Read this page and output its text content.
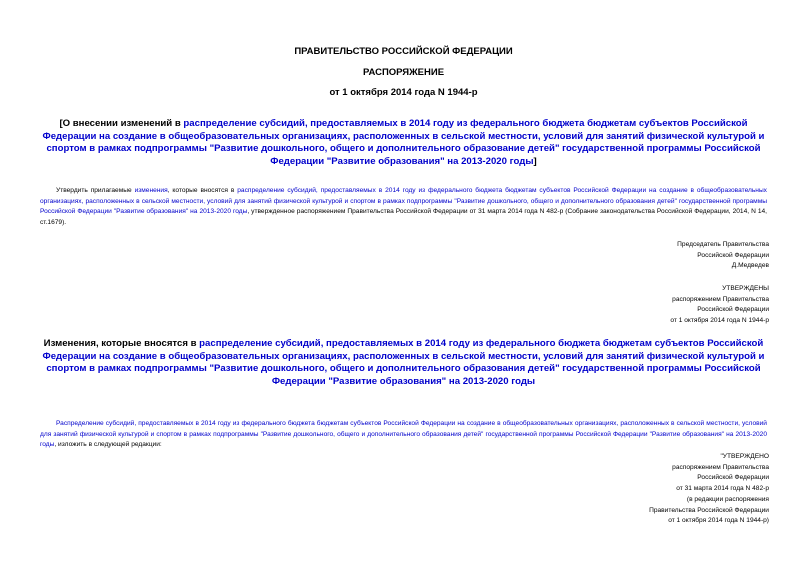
ПРАВИТЕЛЬСТВО РОССИЙСКОЙ ФЕДЕРАЦИИ
РАСПОРЯЖЕНИЕ
от 1 октября 2014 года N 1944-р
[О внесении изменений в распределение субсидий, предоставляемых в 2014 году из федерального бюджета бюджетам субъектов Российской Федерации на создание в общеобразовательных организациях, расположенных в сельской местности, условий для занятий физической культурой и спортом в рамках подпрограммы "Развитие дошкольного, общего и дополнительного образование детей" государственной программы Российской Федерации "Развитие образования" на 2013-2020 годы]
Утвердить прилагаемые изменения, которые вносятся в распределение субсидий, предоставляемых в 2014 году из федерального бюджета бюджетам субъектов Российской Федерации на создание в общеобразовательных организациях, расположенных в сельской местности, условий для занятий физической культурой и спортом в рамках подпрограммы "Развитие дошкольного, общего и дополнительного образования детей" государственной программы Российской Федерации "Развитие образования" на 2013-2020 годы, утвержденное распоряжением Правительства Российской Федерации от 31 марта 2014 года N 482-р (Собрание законодательства Российской Федерации, 2014, N 14, ст.1679).
Председатель Правительства
Российской Федерации
Д.Медведев
УТВЕРЖДЕНЫ
распоряжением Правительства
Российской Федерации
от 1 октября 2014 года N 1944-р
Изменения, которые вносятся в распределение субсидий, предоставляемых в 2014 году из федерального бюджета бюджетам субъектов Российской Федерации на создание в общеобразовательных организациях, расположенных в сельской местности, условий для занятий физической культурой и спортом в рамках подпрограммы "Развитие дошкольного, общего и дополнительного образования детей" государственной программы Российской Федерации "Развитие образования" на 2013-2020 годы
Распределение субсидий, предоставляемых в 2014 году из федерального бюджета бюджетам субъектов Российской Федерации на создание в общеобразовательных организациях, расположенных в сельской местности, условий для занятий физической культурой и спортом в рамках подпрограммы "Развитие дошкольного, общего и дополнительного образования детей" государственной программы Российской Федерации "Развитие образования" на 2013-2020 годы, изложить в следующей редакции:
"УТВЕРЖДЕНО
распоряжением Правительства
Российской Федерации
от 31 марта 2014 года N 482-р
(в редакции распоряжения
Правительства Российской Федерации
от 1 октября 2014 года N 1944-р)
